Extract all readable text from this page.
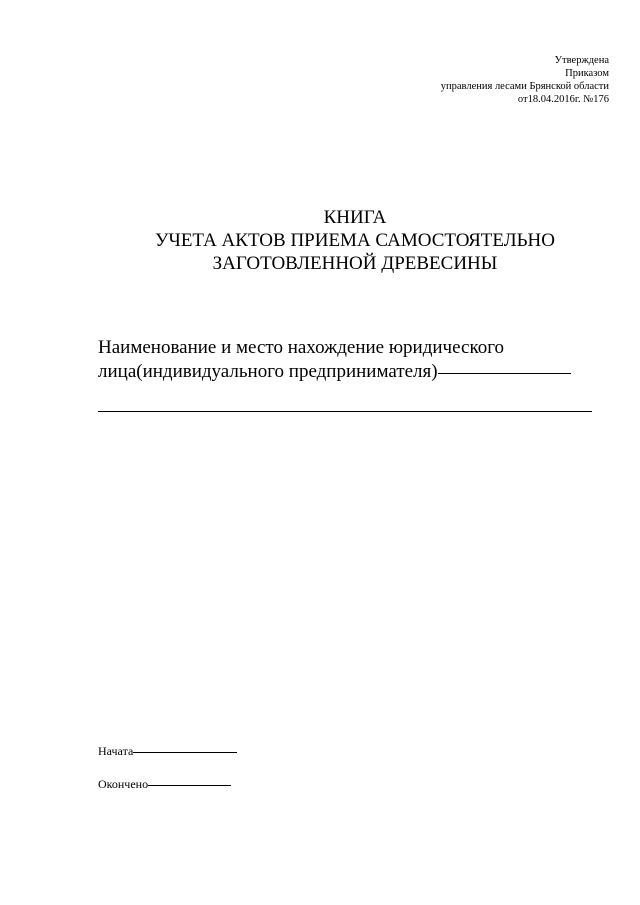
Утверждена
Приказом
управления лесами Брянской области
от18.04.2016г. №176
КНИГА
УЧЕТА АКТОВ ПРИЕМА САМОСТОЯТЕЛЬНО
ЗАГОТОВЛЕННОЙ ДРЕВЕСИНЫ
Наименование и место нахождение юридического
лица(индивидуального предпринимателя)
Начата
Окончено
